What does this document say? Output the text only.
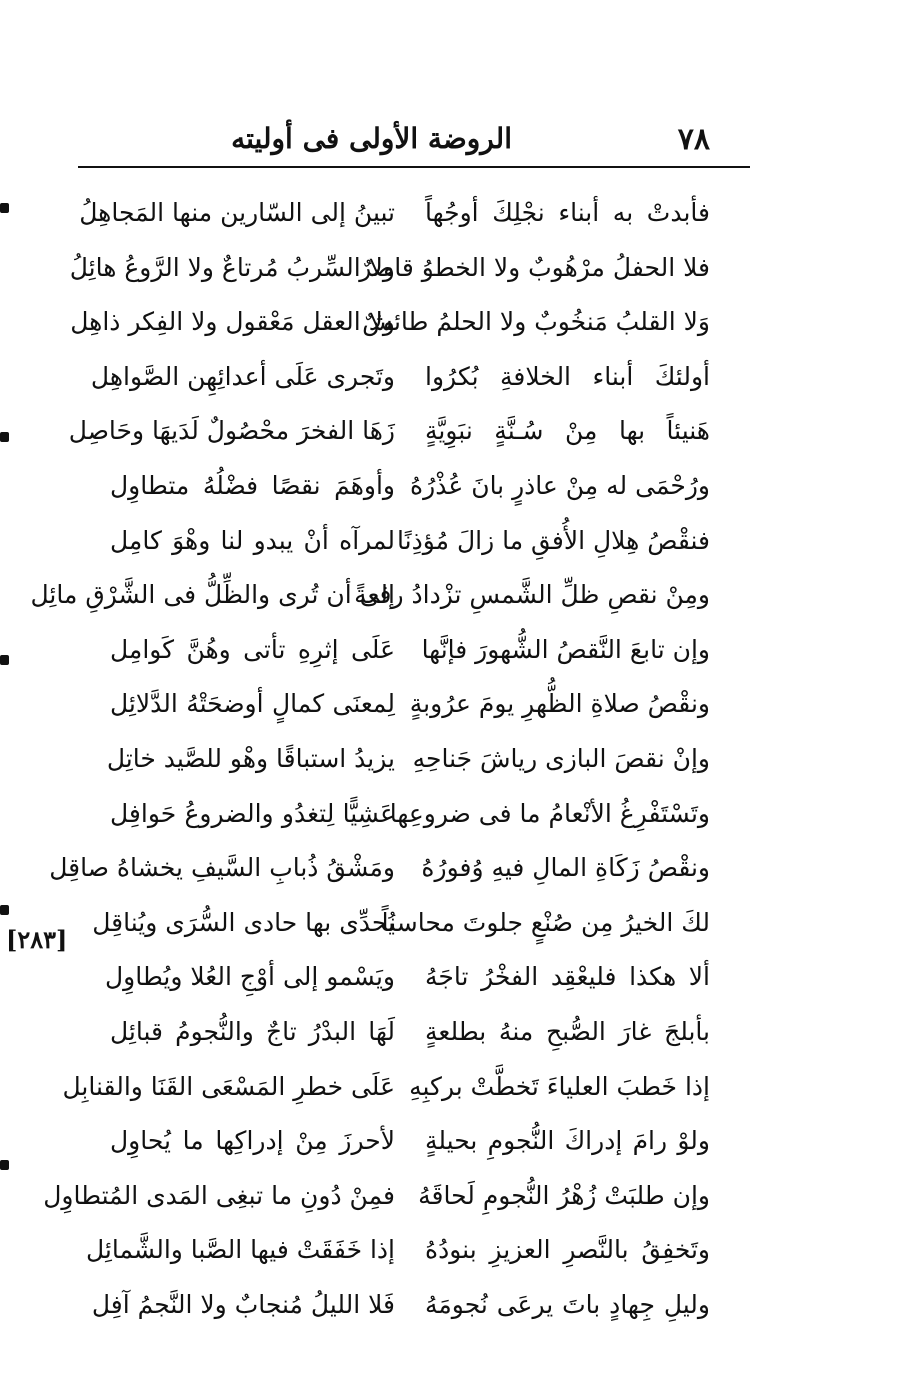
٧٨
الروضة الأولى فى أوليته
فأبدتْ به أبناء نجْلِكَ أوجُهاً
تبينُ إلى السّارين منها المَجاهِلُ
فلا الحفلُ مرْهُوبٌ ولا الخطوُ قاصرٌ
ولا السِّربُ مُرتاعٌ ولا الرَّوعُ هائِلُ
وَلا القلبُ مَنخُوبٌ ولا الحلمُ طائشٌ
ولا العقل مَعْقول ولا الفِكر ذاهِل
أولئكَ أبناء الخلافةِ بُكرُوا
وتَجرى عَلَى أعدائِهِن الصَّواهِل
هَنيئاً بها مِنْ سُـنَّةٍ نبَوِيَّةٍ
زَهَا الفخرَ محْصُولٌ لَدَيهَا وحَاصِل
ورُحْمَى له مِنْ عاذرٍ بانَ عُذْرُهُ
وأوهَمَ نقصًا فضْلُهُ متطاوِل
فنقْصُ هِلالِ الأُفقِ ما زالَ مُؤذِنًا
لمرآه أنْ يبدو لنا وهْوَ كامِل
ومِنْ نقصِ ظلِّ الشَّمسِ تزْدادُ رفعةً
إلى أن تُرى والظِّلُّ فى الشَّرْقِ مائِل
وإن تابعَ النَّقصُ الشُّهورَ فإنَّها
عَلَى إثرِهِ تأتى وهُنَّ كَوامِل
ونقْصُ صلاةِ الظُّهرِ يومَ عرُوبةٍ
لِمعنَى كمالٍ أوضحَتْهُ الدَّلائِل
وإنْ نقصَ البازى رياشَ جَناحِهِ
يزيدُ استباقًا وهْو للصَّيد خاتِل
وتَسْتَفْرِغُ الأنْعامُ ما فى ضروعِها
عَشِيًّا لِتغدُو والضروعُ حَوافِل
ونقْصُ زَكَاةِ المالِ فيهِ وُفورُهُ
ومَشْقُ ذُبابِ السَّيفِ يخشاهُ صاقِل
لكَ الخيرُ مِن صُنْعٍ جلوتَ محاسناً
يُحدِّى بها حادى السُّرَى ويُناقِل
ألا هكذا فليعْقِد الفخْرُ تاجَهُ
ويَسْمو إلى أوْجِ العُلا ويُطاوِل
بأبلجَ غارَ الصُّبحِ منهُ بطلعةٍ
لَهَا البدْرُ تاجٌ والنُّجومُ قبائِل
إذا خَطبَ العلياءَ تَخطَّتْ بركبِهِ
عَلَى خطرِ المَسْعَى القَنَا والقنابِل
ولوْ رامَ إدراكَ النُّجومِ بحيلةٍ
لأحرزَ مِنْ إدراكِها ما يُحاوِل
وإن طلبَتْ زُهْرُ النُّجومِ لَحاقَهُ
فمِنْ دُونِ ما تبغِى المَدى المُتطاوِل
وتَخفِقُ بالنَّصرِ العزيزِ بنودُهُ
إذا خَفَقَتْ فيها الصَّبا والشَّمائِل
وليلِ جِهادٍ باتَ يرعَى نُجومَهُ
فَلا الليلُ مُنجابٌ ولا النَّجمُ آفِل
[٢٨٣]
